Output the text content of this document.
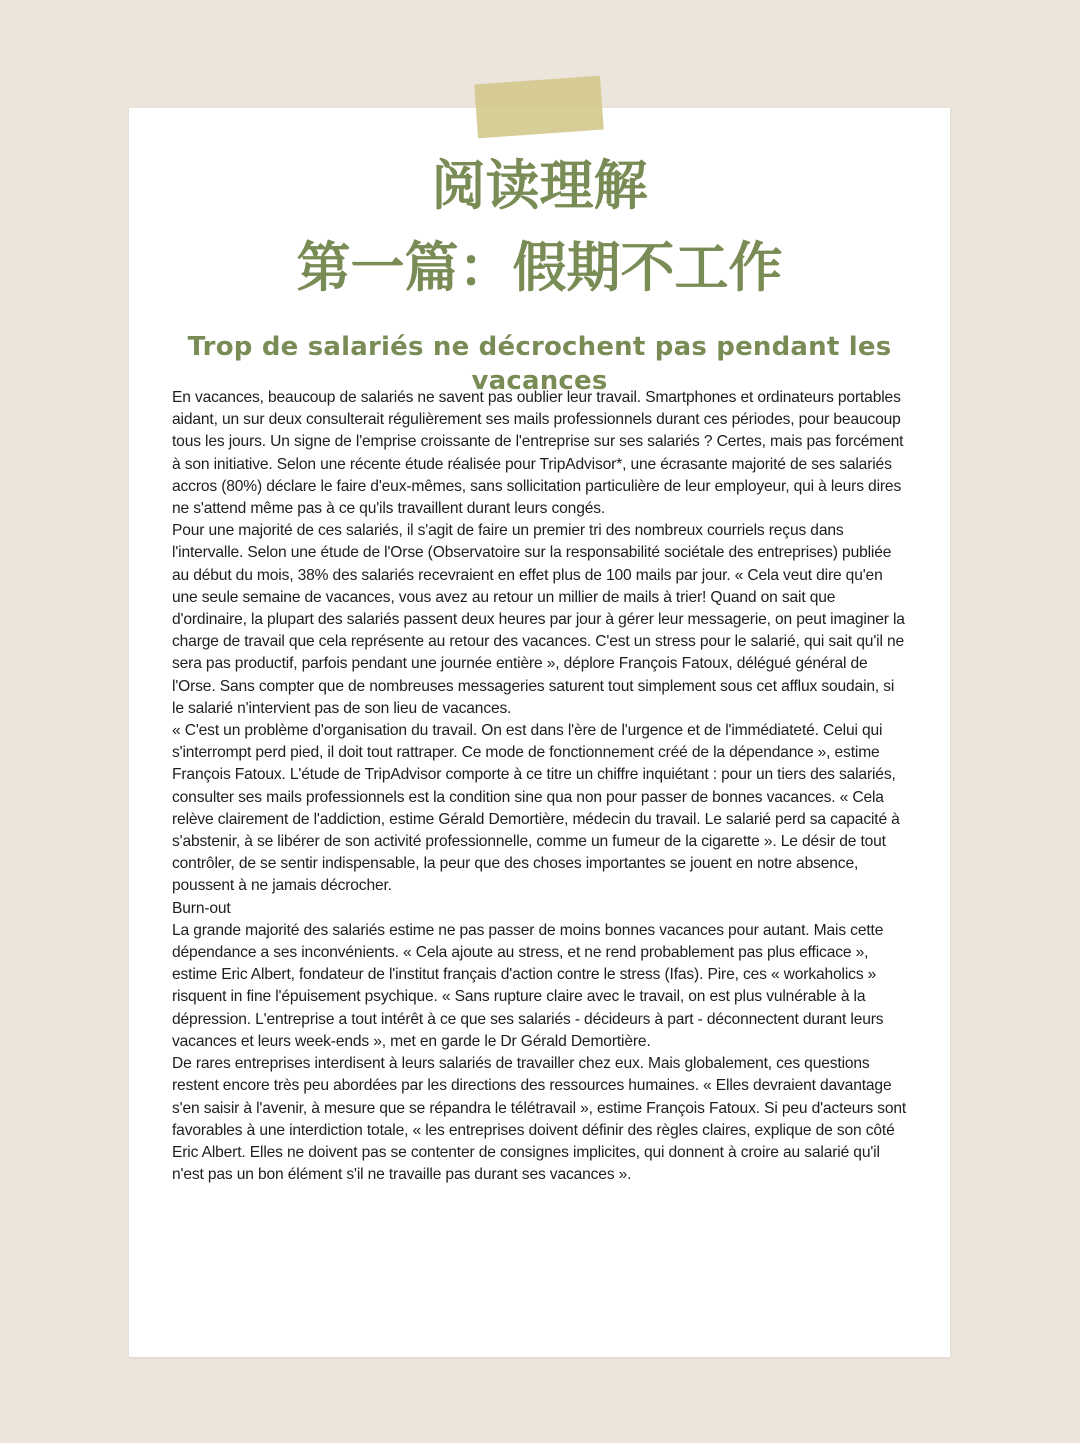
阅读理解
第一篇：假期不工作
Trop de salariés ne décrochent pas pendant les vacances

En vacances, beaucoup de salariés ne savent pas oublier leur travail. Smartphones et ordinateurs portables aidant, un sur deux consulterait régulièrement ses mails professionnels durant ces périodes, pour beaucoup tous les jours. Un signe de l'emprise croissante de l'entreprise sur ses salariés ? Certes, mais pas forcément à son initiative. Selon une récente étude réalisée pour TripAdvisor*, une écrasante majorité de ses salariés accros (80%) déclare le faire d'eux-mêmes, sans sollicitation particulière de leur employeur, qui à leurs dires ne s'attend même pas à ce qu'ils travaillent durant leurs congés.

Pour une majorité de ces salariés, il s'agit de faire un premier tri des nombreux courriels reçus dans l'intervalle. Selon une étude de l'Orse (Observatoire sur la responsabilité sociétale des entreprises) publiée au début du mois, 38% des salariés recevraient en effet plus de 100 mails par jour. « Cela veut dire qu'en une seule semaine de vacances, vous avez au retour un millier de mails à trier! Quand on sait que d'ordinaire, la plupart des salariés passent deux heures par jour à gérer leur messagerie, on peut imaginer la charge de travail que cela représente au retour des vacances. C'est un stress pour le salarié, qui sait qu'il ne sera pas productif, parfois pendant une journée entière », déplore François Fatoux, délégué général de l'Orse. Sans compter que de nombreuses messageries saturent tout simplement sous cet afflux soudain, si le salarié n'intervient pas de son lieu de vacances.

« C'est un problème d'organisation du travail. On est dans l'ère de l'urgence et de l'immédiateté. Celui qui s'interrompt perd pied, il doit tout rattraper. Ce mode de fonctionnement créé de la dépendance », estime François Fatoux. L'étude de TripAdvisor comporte à ce titre un chiffre inquiétant : pour un tiers des salariés, consulter ses mails professionnels est la condition sine qua non pour passer de bonnes vacances. « Cela relève clairement de l'addiction, estime Gérald Demortière, médecin du travail. Le salarié perd sa capacité à s'abstenir, à se libérer de son activité professionnelle, comme un fumeur de la cigarette ». Le désir de tout contrôler, de se sentir indispensable, la peur que des choses importantes se jouent en notre absence, poussent à ne jamais décrocher.

Burn-out

La grande majorité des salariés estime ne pas passer de moins bonnes vacances pour autant. Mais cette dépendance a ses inconvénients. « Cela ajoute au stress, et ne rend probablement pas plus efficace », estime Eric Albert, fondateur de l'institut français d'action contre le stress (Ifas). Pire, ces « workaholics » risquent in fine l'épuisement psychique. « Sans rupture claire avec le travail, on est plus vulnérable à la dépression. L'entreprise a tout intérêt à ce que ses salariés - décideurs à part - déconnectent durant leurs vacances et leurs week-ends », met en garde le Dr Gérald Demortière.

De rares entreprises interdisent à leurs salariés de travailler chez eux. Mais globalement, ces questions restent encore très peu abordées par les directions des ressources humaines. « Elles devraient davantage s'en saisir à l'avenir, à mesure que se répandra le télétravail », estime François Fatoux. Si peu d'acteurs sont favorables à une interdiction totale, « les entreprises doivent définir des règles claires, explique de son côté Eric Albert. Elles ne doivent pas se contenter de consignes implicites, qui donnent à croire au salarié qu'il n'est pas un bon élément s'il ne travaille pas durant ses vacances ».
